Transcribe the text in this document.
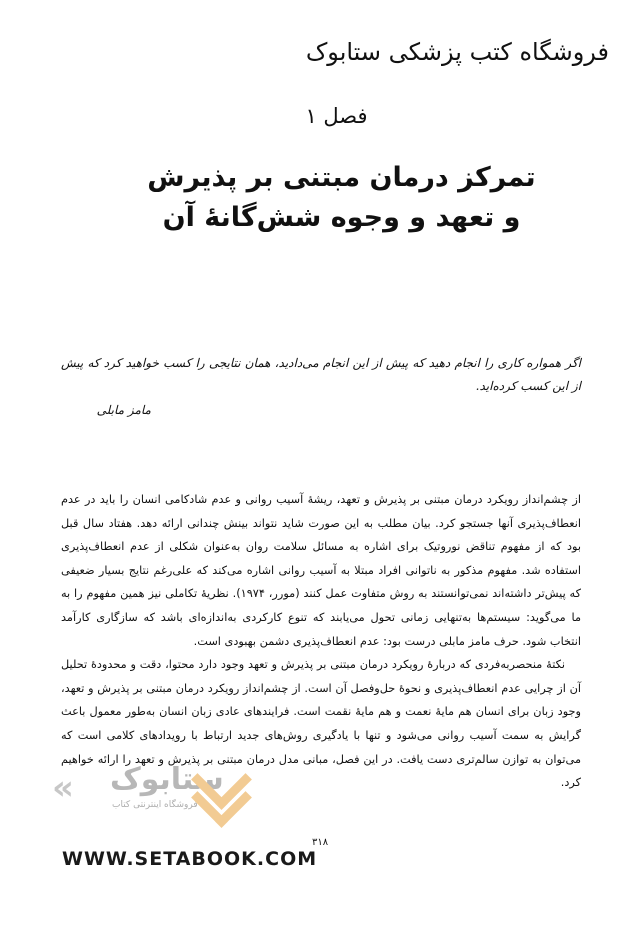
فروشگاه کتب پزشکی ستابوک
فصل ۱
تمرکز درمان مبتنی بر پذیرش
و تعهد و وجوه شش‌گانهٔ آن
اگر همواره کاری را انجام دهید که پیش از این انجام می‌دادید، همان نتایجی را کسب خواهید کرد که پیش از این کسب کرده‌اید.
مامز مابلی

از چشم‌انداز رویکرد درمان مبتنی بر پذیرش و تعهد، ریشهٔ آسیب روانی و عدم شادکامی انسان را باید در عدم انعطاف‌پذیری آنها جستجو کرد. بیان مطلب به این صورت شاید نتواند بینش چندانی ارائه دهد. هفتاد سال قبل بود که از مفهوم تناقض نوروتیک برای اشاره به مسائل سلامت روان به‌عنوان شکلی از عدم انعطاف‌پذیری استفاده شد. مفهوم مذکور به ناتوانی افراد مبتلا به آسیب روانی اشاره می‌کند که علی‌رغم نتایج بسیار ضعیفی که پیش‌تر داشته‌اند نمی‌توانستند به روش متفاوت عمل کنند (مورر، ۱۹۷۴). نظریهٔ تکاملی نیز همین مفهوم را به ما می‌گوید: سیستم‌ها به‌تنهایی زمانی تحول می‌یابند که تنوع کارکردی به‌اندازه‌ای باشد که سازگاری کارآمد انتخاب شود. حرف مامز مابلی درست بود: عدم انعطاف‌پذیری دشمن بهبودی است.

نکتهٔ منحصربه‌فردی که دربارهٔ رویکرد درمان مبتنی بر پذیرش و تعهد وجود دارد محتوا، دقت و محدودهٔ تحلیل آن از چرایی عدم انعطاف‌پذیری و نحوهٔ حل‌وفصل آن است. از چشم‌انداز رویکرد درمان مبتنی بر پذیرش و تعهد، وجود زبان برای انسان هم مایهٔ نعمت و هم مایهٔ نقمت است. فرایندهای عادی زبان انسان به‌طور معمول باعث گرایش به سمت آسیب روانی می‌شود و تنها با یادگیری روش‌های جدید ارتباط با رویدادهای کلامی است که می‌توان به توازن سالم‌تری دست یافت. در این فصل، مبانی مدل درمان مبتنی بر پذیرش و تعهد را ارائه خواهیم کرد.

« ستابوک
فروشگاه اینترنتی کتاب
۳۱۸
WWW.SETABOOK.COM
